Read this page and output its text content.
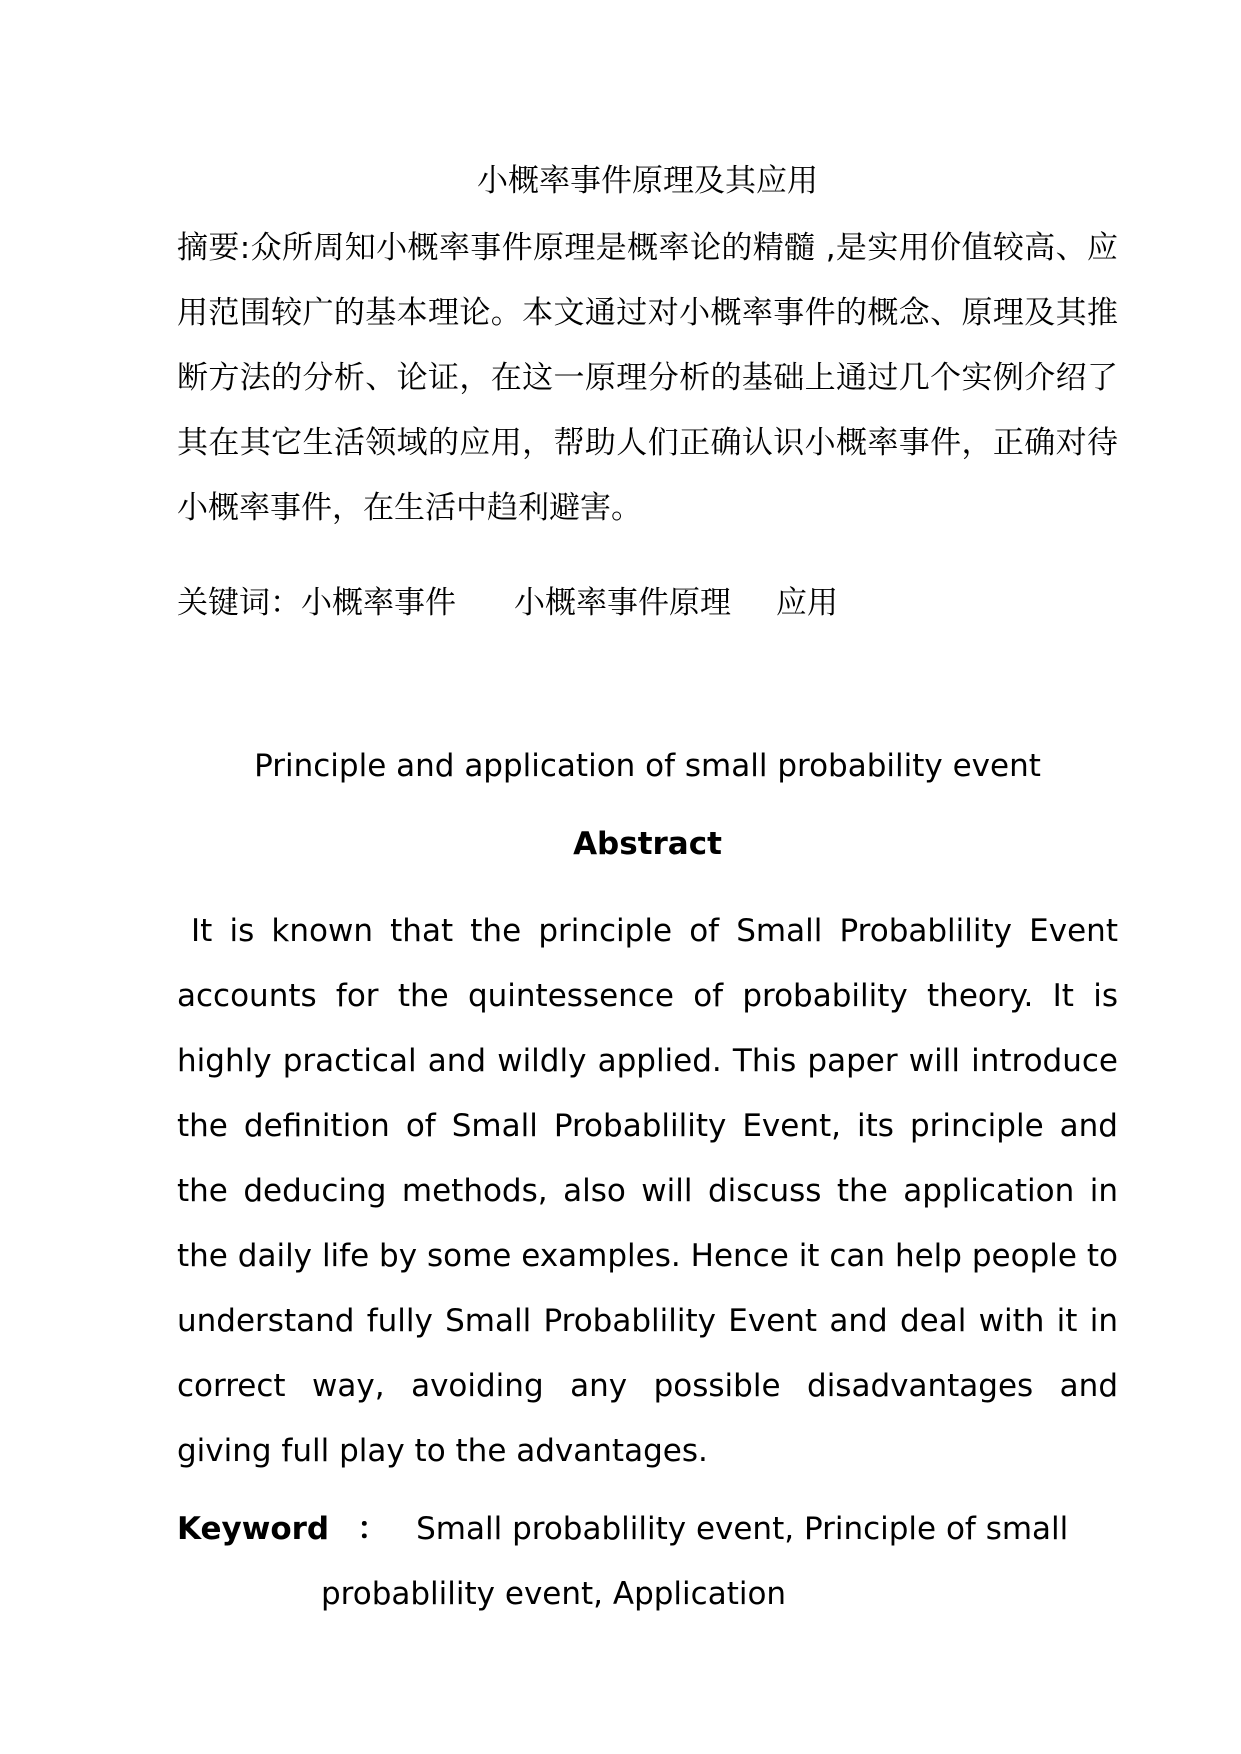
小概率事件原理及其应用
摘要:众所周知小概率事件原理是概率论的精髓 ,是实用价值较高、应用范围较广的基本理论。本文通过对小概率事件的概念、原理及其推断方法的分析、论证，在这一原理分析的基础上通过几个实例介绍了其在其它生活领域的应用，帮助人们正确认识小概率事件，正确对待小概率事件，在生活中趋利避害。
关键词：小概率事件 小概率事件原理 应用
Principle and application of small probability event
Abstract
It is known that the principle of Small Probablility Event accounts for the quintessence of probability theory. It is highly practical and wildly applied. This paper will introduce the definition of Small Probablility Event, its principle and the deducing methods, also will discuss the application in the daily life by some examples. Hence it can help people to understand fully Small Probablility Event and deal with it in correct way, avoiding any possible disadvantages and giving full play to the advantages.
Keyword ： Small probablility event, Principle of small
probablility event, Application
